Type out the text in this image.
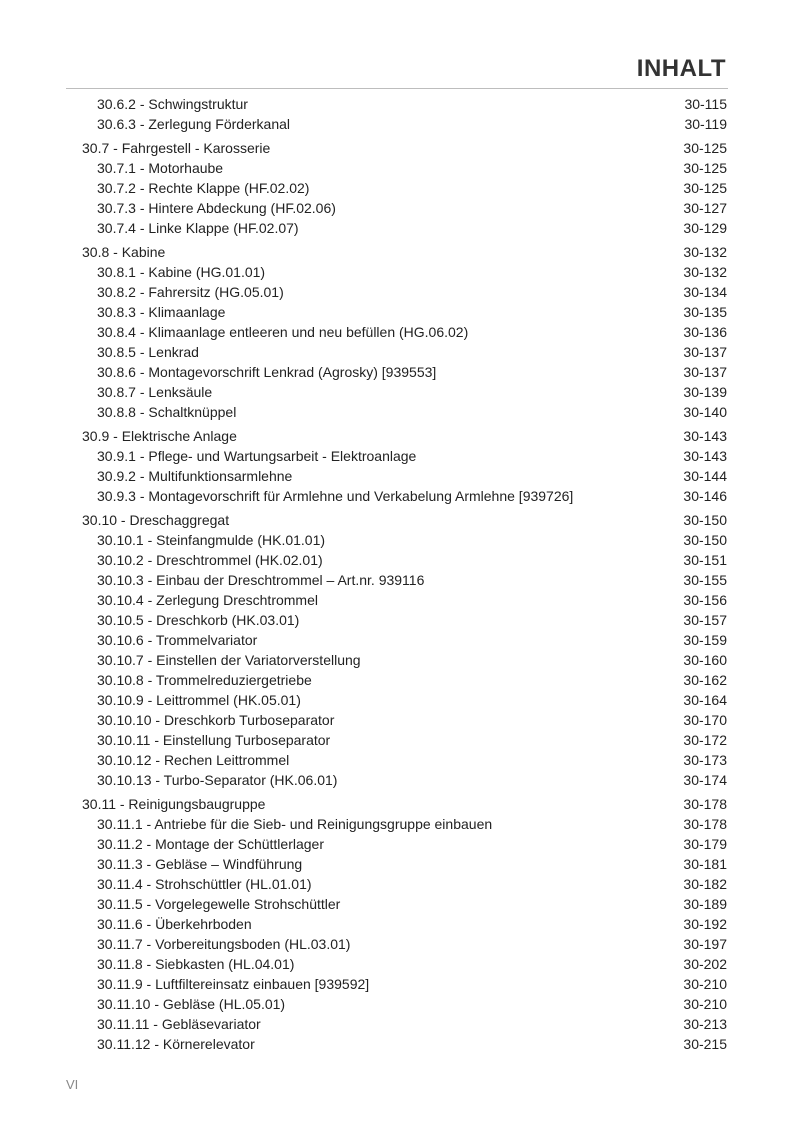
INHALT
30.6.2 - Schwingstruktur	30-115
30.6.3 - Zerlegung Förderkanal	30-119
30.7 - Fahrgestell - Karosserie	30-125
30.7.1 - Motorhaube	30-125
30.7.2 - Rechte Klappe (HF.02.02)	30-125
30.7.3 - Hintere Abdeckung (HF.02.06)	30-127
30.7.4 - Linke Klappe (HF.02.07)	30-129
30.8 - Kabine	30-132
30.8.1 - Kabine (HG.01.01)	30-132
30.8.2 - Fahrersitz (HG.05.01)	30-134
30.8.3 - Klimaanlage	30-135
30.8.4 - Klimaanlage entleeren und neu befüllen (HG.06.02)	30-136
30.8.5 - Lenkrad	30-137
30.8.6 - Montagevorschrift Lenkrad (Agrosky) [939553]	30-137
30.8.7 - Lenksäule	30-139
30.8.8 - Schaltknüppel	30-140
30.9 - Elektrische Anlage	30-143
30.9.1 - Pflege- und Wartungsarbeit - Elektroanlage	30-143
30.9.2 - Multifunktionsarmlehne	30-144
30.9.3 - Montagevorschrift für Armlehne und Verkabelung Armlehne [939726]	30-146
30.10 - Dreschaggregat	30-150
30.10.1 - Steinfangmulde (HK.01.01)	30-150
30.10.2 - Dreschtrommel (HK.02.01)	30-151
30.10.3 - Einbau der Dreschtrommel – Art.nr. 939116	30-155
30.10.4 - Zerlegung Dreschtrommel	30-156
30.10.5 - Dreschkorb (HK.03.01)	30-157
30.10.6 - Trommelvariator	30-159
30.10.7 - Einstellen der Variatorverstellung	30-160
30.10.8 - Trommelreduziergetriebe	30-162
30.10.9 - Leittrommel (HK.05.01)	30-164
30.10.10 - Dreschkorb Turboseparator	30-170
30.10.11 - Einstellung Turboseparator	30-172
30.10.12 - Rechen Leittrommel	30-173
30.10.13 - Turbo-Separator (HK.06.01)	30-174
30.11 - Reinigungsbaugruppe	30-178
30.11.1 - Antriebe für die Sieb- und Reinigungsgruppe einbauen	30-178
30.11.2 - Montage der Schüttlerlager	30-179
30.11.3 - Gebläse – Windführung	30-181
30.11.4 - Strohschüttler (HL.01.01)	30-182
30.11.5 - Vorgelegewelle Strohschüttler	30-189
30.11.6 - Überkehrboden	30-192
30.11.7 - Vorbereitungsboden (HL.03.01)	30-197
30.11.8 - Siebkasten (HL.04.01)	30-202
30.11.9 - Luftfiltereinsatz einbauen [939592]	30-210
30.11.10 - Gebläse (HL.05.01)	30-210
30.11.11 - Gebläsevariator	30-213
30.11.12 - Körnerelevator	30-215
VI
